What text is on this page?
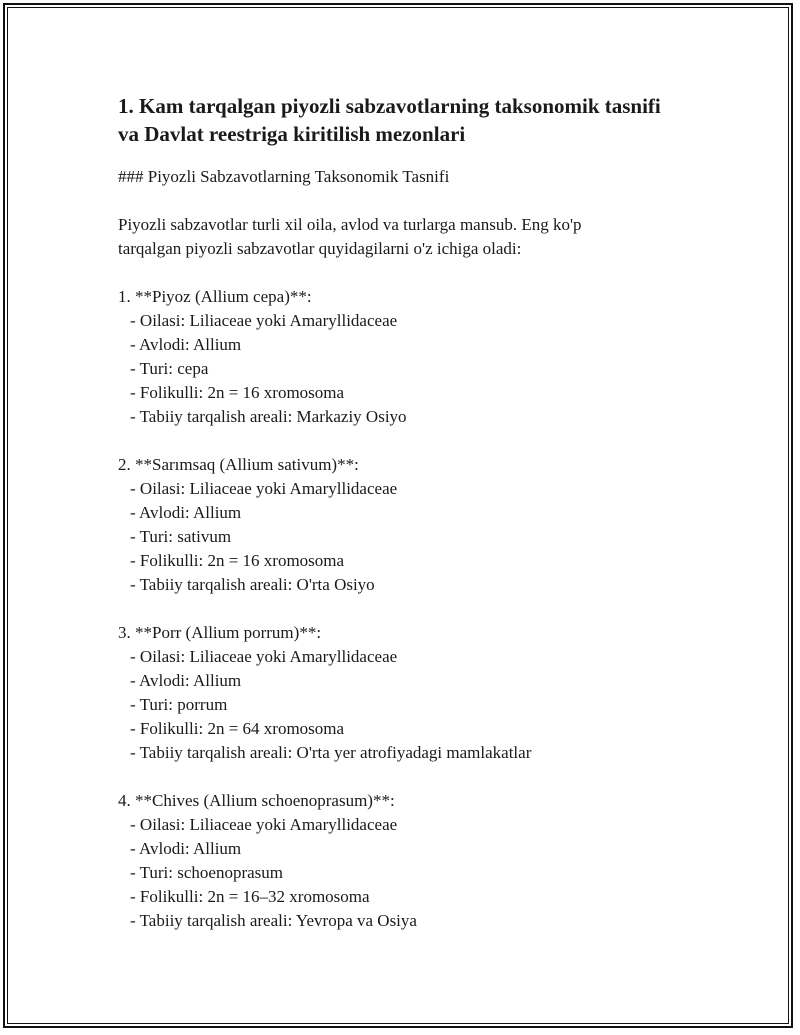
1. Kam tarqalgan piyozli sabzavotlarning taksonomik tasnifi
va Davlat reestriga kiritilish mezonlari

### Piyozli Sabzavotlarning Taksonomik Tasnifi

Piyozli sabzavotlar turli xil oila, avlod va turlarga mansub. Eng ko'p
tarqalgan piyozli sabzavotlar quyidagilarni o'z ichiga oladi:

1. **Piyoz (Allium cepa)**:
- Oilasi: Liliaceae yoki Amaryllidaceae
- Avlodi: Allium
- Turi: cepa
- Folikulli: 2n = 16 xromosoma
- Tabiiy tarqalish areali: Markaziy Osiyo
2. **Sarımsaq (Allium sativum)**:
- Oilasi: Liliaceae yoki Amaryllidaceae
- Avlodi: Allium
- Turi: sativum
- Folikulli: 2n = 16 xromosoma
- Tabiiy tarqalish areali: O'rta Osiyo
3. **Porr (Allium porrum)**:
- Oilasi: Liliaceae yoki Amaryllidaceae
- Avlodi: Allium
- Turi: porrum
- Folikulli: 2n = 64 xromosoma
- Tabiiy tarqalish areali: O'rta yer atrofiyadagi mamlakatlar
4. **Chives (Allium schoenoprasum)**:
- Oilasi: Liliaceae yoki Amaryllidaceae
- Avlodi: Allium
- Turi: schoenoprasum
- Folikulli: 2n = 16–32 xromosoma
- Tabiiy tarqalish areali: Yevropa va Osiya
